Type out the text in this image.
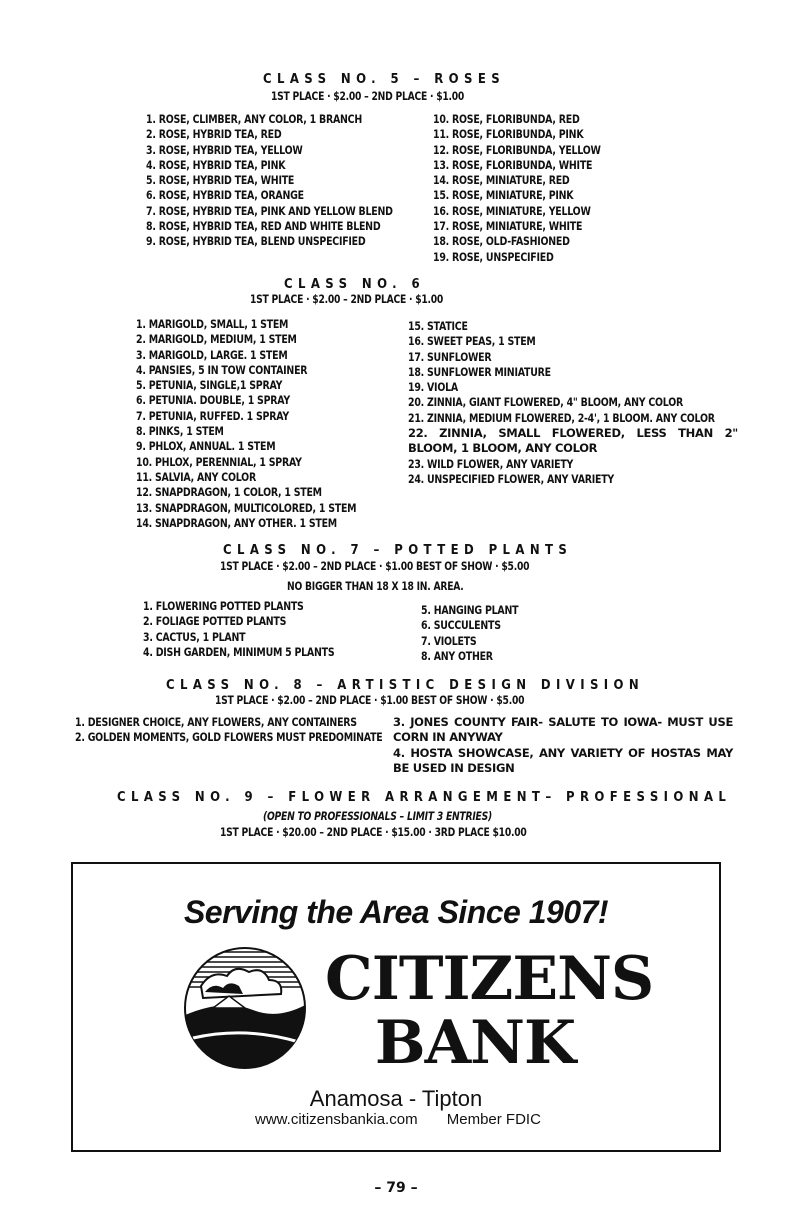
CLASS NO. 5 – ROSES
1ST PLACE · $2.00 – 2ND PLACE · $1.00
1. ROSE, CLIMBER, ANY COLOR, 1 BRANCH
2. ROSE, HYBRID TEA, RED
3. ROSE, HYBRID TEA, YELLOW
4. ROSE, HYBRID TEA, PINK
5. ROSE, HYBRID TEA, WHITE
6. ROSE, HYBRID TEA, ORANGE
7. ROSE, HYBRID TEA, PINK AND YELLOW BLEND
8. ROSE, HYBRID TEA, RED AND WHITE BLEND
9. ROSE, HYBRID TEA, BLEND UNSPECIFIED
10. ROSE, FLORIBUNDA, RED
11. ROSE, FLORIBUNDA, PINK
12. ROSE, FLORIBUNDA, YELLOW
13. ROSE, FLORIBUNDA, WHITE
14. ROSE, MINIATURE, RED
15. ROSE, MINIATURE, PINK
16. ROSE, MINIATURE, YELLOW
17. ROSE, MINIATURE, WHITE
18. ROSE, OLD-FASHIONED
19. ROSE, UNSPECIFIED
CLASS NO. 6
1ST PLACE · $2.00 – 2ND PLACE · $1.00
1. MARIGOLD, SMALL, 1 STEM
2. MARIGOLD, MEDIUM, 1 STEM
3. MARIGOLD, LARGE. 1 STEM
4. PANSIES, 5 IN TOW CONTAINER
5. PETUNIA, SINGLE,1 SPRAY
6. PETUNIA. DOUBLE, 1 SPRAY
7. PETUNIA, RUFFED. 1 SPRAY
8. PINKS, 1 STEM
9. PHLOX, ANNUAL. 1 STEM
10. PHLOX, PERENNIAL, 1 SPRAY
11. SALVIA, ANY COLOR
12. SNAPDRAGON, 1 COLOR, 1 STEM
13. SNAPDRAGON, MULTICOLORED, 1 STEM
14. SNAPDRAGON, ANY OTHER. 1 STEM
15. STATICE
16. SWEET PEAS, 1 STEM
17. SUNFLOWER
18. SUNFLOWER MINIATURE
19. VIOLA
20. ZINNIA, GIANT FLOWERED, 4" BLOOM, ANY COLOR
21. ZINNIA, MEDIUM FLOWERED, 2-4', 1 BLOOM. ANY COLOR
22. ZINNIA, SMALL FLOWERED, LESS THAN 2" BLOOM, 1 BLOOM, ANY COLOR
23. WILD FLOWER, ANY VARIETY
24. UNSPECIFIED FLOWER, ANY VARIETY
CLASS NO. 7 – POTTED PLANTS
1ST PLACE · $2.00 – 2ND PLACE · $1.00 BEST OF SHOW · $5.00
NO BIGGER THAN 18 X 18 IN. AREA.
1. FLOWERING POTTED PLANTS
2. FOLIAGE POTTED PLANTS
3. CACTUS, 1 PLANT
4. DISH GARDEN, MINIMUM 5 PLANTS
5. HANGING PLANT
6. SUCCULENTS
7. VIOLETS
8. ANY OTHER
CLASS NO. 8 – ARTISTIC DESIGN DIVISION
1ST PLACE · $2.00 – 2ND PLACE · $1.00 BEST OF SHOW · $5.00
1. DESIGNER CHOICE, ANY FLOWERS, ANY CONTAINERS
2. GOLDEN MOMENTS, GOLD FLOWERS MUST PREDOMINATE
3. JONES COUNTY FAIR- SALUTE TO IOWA- MUST USE CORN IN ANYWAY
4. HOSTA SHOWCASE, ANY VARIETY OF HOSTAS MAY BE USED IN DESIGN
CLASS NO. 9 – FLOWER ARRANGEMENT– PROFESSIONAL
(OPEN TO PROFESSIONALS – LIMIT 3 ENTRIES)
1ST PLACE · $20.00 – 2ND PLACE · $15.00 · 3RD PLACE $10.00
Serving the Area Since 1907!
CITIZENS
BANK
Anamosa - Tipton
www.citizensbankia.com       Member FDIC
– 79 –
